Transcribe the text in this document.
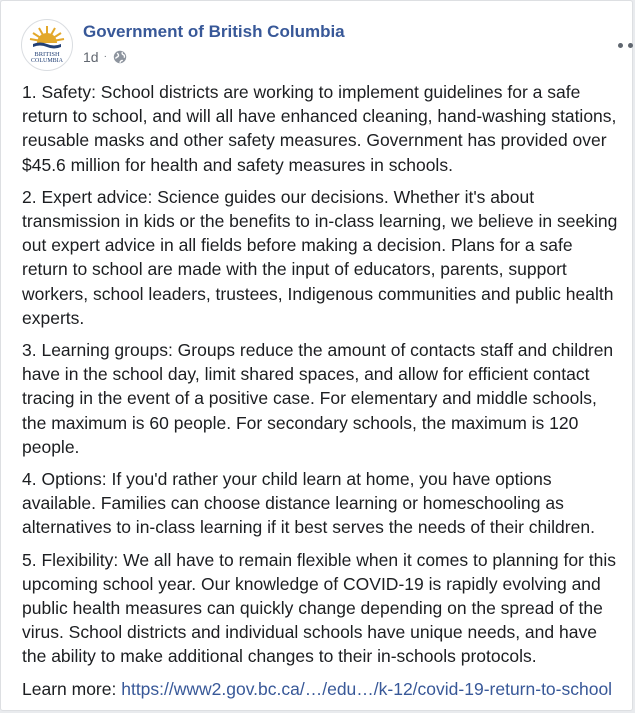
BRITISH
COLUMBIA
Government of British Columbia
1d ·

1. Safety: School districts are working to implement guidelines for a safe return to school, and will all have enhanced cleaning, hand-washing stations, reusable masks and other safety measures. Government has provided over $45.6 million for health and safety measures in schools.

2. Expert advice: Science guides our decisions. Whether it's about transmission in kids or the benefits to in-class learning, we believe in seeking out expert advice in all fields before making a decision. Plans for a safe return to school are made with the input of educators, parents, support workers, school leaders, trustees, Indigenous communities and public health experts.

3. Learning groups: Groups reduce the amount of contacts staff and children have in the school day, limit shared spaces, and allow for efficient contact tracing in the event of a positive case. For elementary and middle schools, the maximum is 60 people. For secondary schools, the maximum is 120 people.

4. Options: If you'd rather your child learn at home, you have options available. Families can choose distance learning or homeschooling as alternatives to in-class learning if it best serves the needs of their children.

5. Flexibility: We all have to remain flexible when it comes to planning for this upcoming school year. Our knowledge of COVID-19 is rapidly evolving and public health measures can quickly change depending on the spread of the virus. School districts and individual schools have unique needs, and have the ability to make additional changes to their in-schools protocols.

Learn more: https://www2.gov.bc.ca/…/edu…/k-12/covid-19-return-to-school
